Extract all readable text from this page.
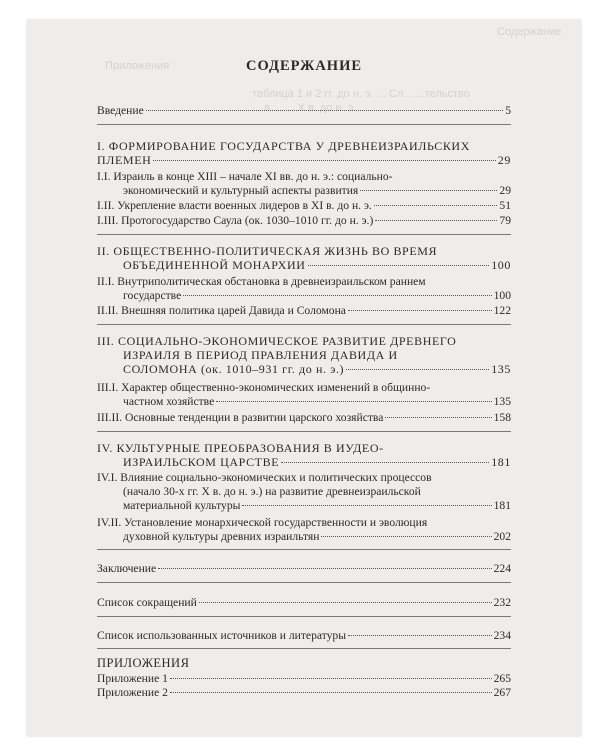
Содержание
Приложения
таблица 1 и 2 гг. до н. э. ... Сл... ...тельство
... в ... ... X в. до н. э.
СОДЕРЖАНИЕ
Введение	5
I. ФОРМИРОВАНИЕ ГОСУДАРСТВА У ДРЕВНЕИЗРАИЛЬСКИХ
ПЛЕМЕН	29
I.I. Израиль в конце XIII – начале XI вв. до н. э.: социально-
экономический и культурный аспекты развития	29
I.II. Укрепление власти военных лидеров в XI в. до н. э.	51
I.III. Протогосударство Саула (ок. 1030–1010 гг. до н. э.)	79
II. ОБЩЕСТВЕННО-ПОЛИТИЧЕСКАЯ ЖИЗНЬ ВО ВРЕМЯ
ОБЪЕДИНЕННОЙ МОНАРХИИ	100
II.I. Внутриполитическая обстановка в древнеизраильском раннем
государстве	100
II.II. Внешняя политика царей Давида и Соломона	122
III. СОЦИАЛЬНО-ЭКОНОМИЧЕСКОЕ РАЗВИТИЕ ДРЕВНЕГО
ИЗРАИЛЯ В ПЕРИОД ПРАВЛЕНИЯ ДАВИДА И
СОЛОМОНА (ок. 1010–931 гг. до н. э.)	135
III.I. Характер общественно-экономических изменений в общинно-
частном хозяйстве	135
III.II. Основные тенденции в развитии царского хозяйства	158
IV. КУЛЬТУРНЫЕ ПРЕОБРАЗОВАНИЯ В ИУДЕО-
ИЗРАИЛЬСКОМ ЦАРСТВЕ	181
IV.I. Влияние социально-экономических и политических процессов
(начало 30-х гг. X в. до н. э.) на развитие древнеизраильской
материальной культуры	181
IV.II. Установление монархической государственности и эволюция
духовной культуры древних израильтян	202
Заключение	224
Список сокращений	232
Список использованных источников и литературы	234
ПРИЛОЖЕНИЯ
Приложение 1	265
Приложение 2	267
